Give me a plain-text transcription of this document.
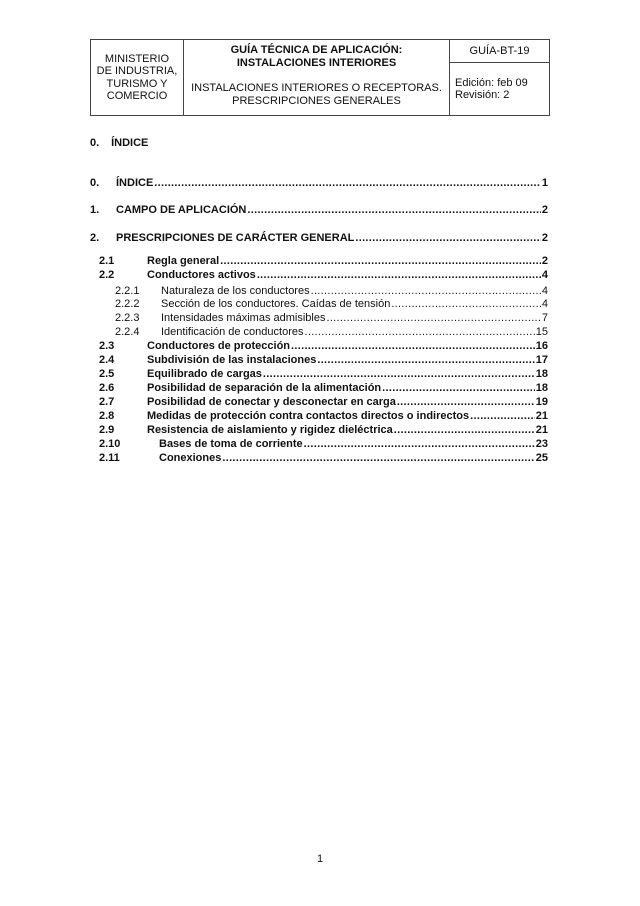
MINISTERIO
DE INDUSTRIA,
TURISMO Y
COMERCIO

GUÍA TÉCNICA DE APLICACIÓN:
INSTALACIONES INTERIORES
INSTALACIONES INTERIORES O RECEPTORAS.
PRESCRIPCIONES GENERALES
	GUÍA-BT-19

Edición: feb 09
Revisión: 2
0. ÍNDICE
0.	ÍNDICE .....	1
1.	CAMPO DE APLICACIÓN .....	2
2.	PRESCRIPCIONES DE CARÁCTER GENERAL .....	2
2.1	Regla general .....	2
2.2	Conductores activos .....	4
2.2.1	Naturaleza de los conductores .....	4
2.2.2	Sección de los conductores. Caídas de tensión .....	4
2.2.3	Intensidades máximas admisibles .....	7
2.2.4	Identificación de conductores .....	15
2.3	Conductores de protección .....	16
2.4	Subdivisión de las instalaciones .....	17
2.5	Equilibrado de cargas .....	18
2.6	Posibilidad de separación de la alimentación .....	18
2.7	Posibilidad de conectar y desconectar en carga .....	19
2.8	Medidas de protección contra contactos directos o indirectos .....	21
2.9	Resistencia de aislamiento y rigidez dieléctrica .....	21
2.10	Bases de toma de corriente .....	23
2.11	Conexiones .....	25
1
